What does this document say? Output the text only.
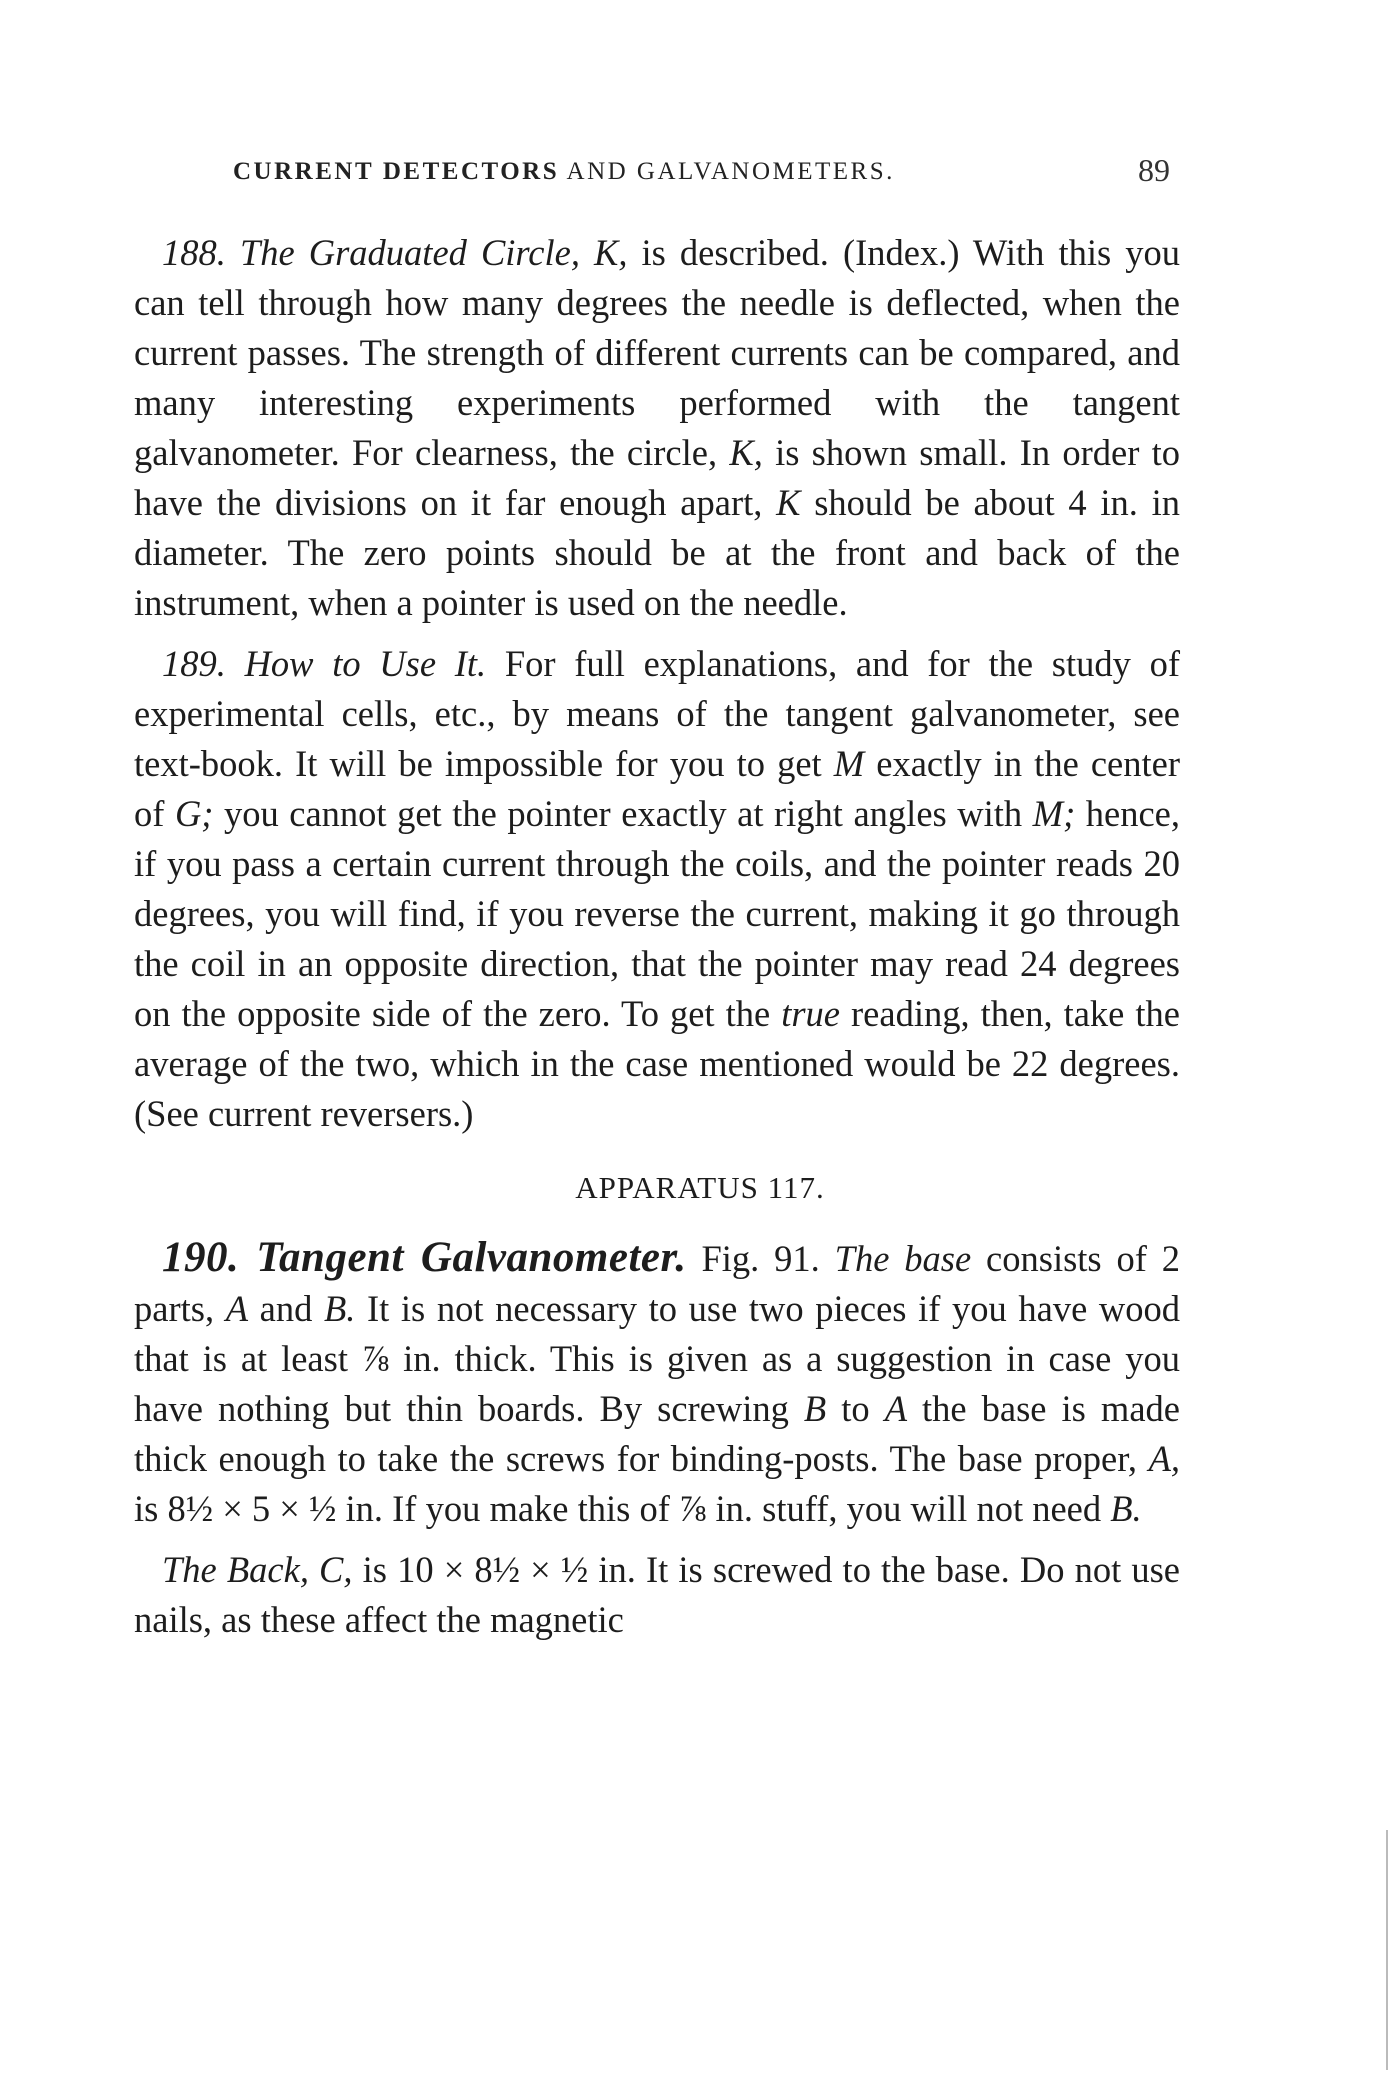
CURRENT DETECTORS AND GALVANOMETERS.	89

188. The Graduated Circle, K, is described. (Index.) With this you can tell through how many degrees the needle is deflected, when the current passes. The strength of different currents can be compared, and many interesting experiments performed with the tangent galvanometer. For clearness, the circle, K, is shown small. In order to have the divisions on it far enough apart, K should be about 4 in. in diameter. The zero points should be at the front and back of the instrument, when a pointer is used on the needle.

189. How to Use It. For full explanations, and for the study of experimental cells, etc., by means of the tangent galvanometer, see text-book. It will be impossible for you to get M exactly in the center of G; you cannot get the pointer exactly at right angles with M; hence, if you pass a certain current through the coils, and the pointer reads 20 degrees, you will find, if you reverse the current, making it go through the coil in an opposite direction, that the pointer may read 24 degrees on the opposite side of the zero. To get the true reading, then, take the average of the two, which in the case mentioned would be 22 degrees. (See current reversers.)

APPARATUS 117.

190. Tangent Galvanometer. Fig. 91. The base consists of 2 parts, A and B. It is not necessary to use two pieces if you have wood that is at least ⅞ in. thick. This is given as a suggestion in case you have nothing but thin boards. By screwing B to A the base is made thick enough to take the screws for binding-posts. The base proper, A, is 8½ × 5 × ½ in. If you make this of ⅞ in. stuff, you will not need B.

The Back, C, is 10 × 8½ × ½ in. It is screwed to the base. Do not use nails, as these affect the magnetic
